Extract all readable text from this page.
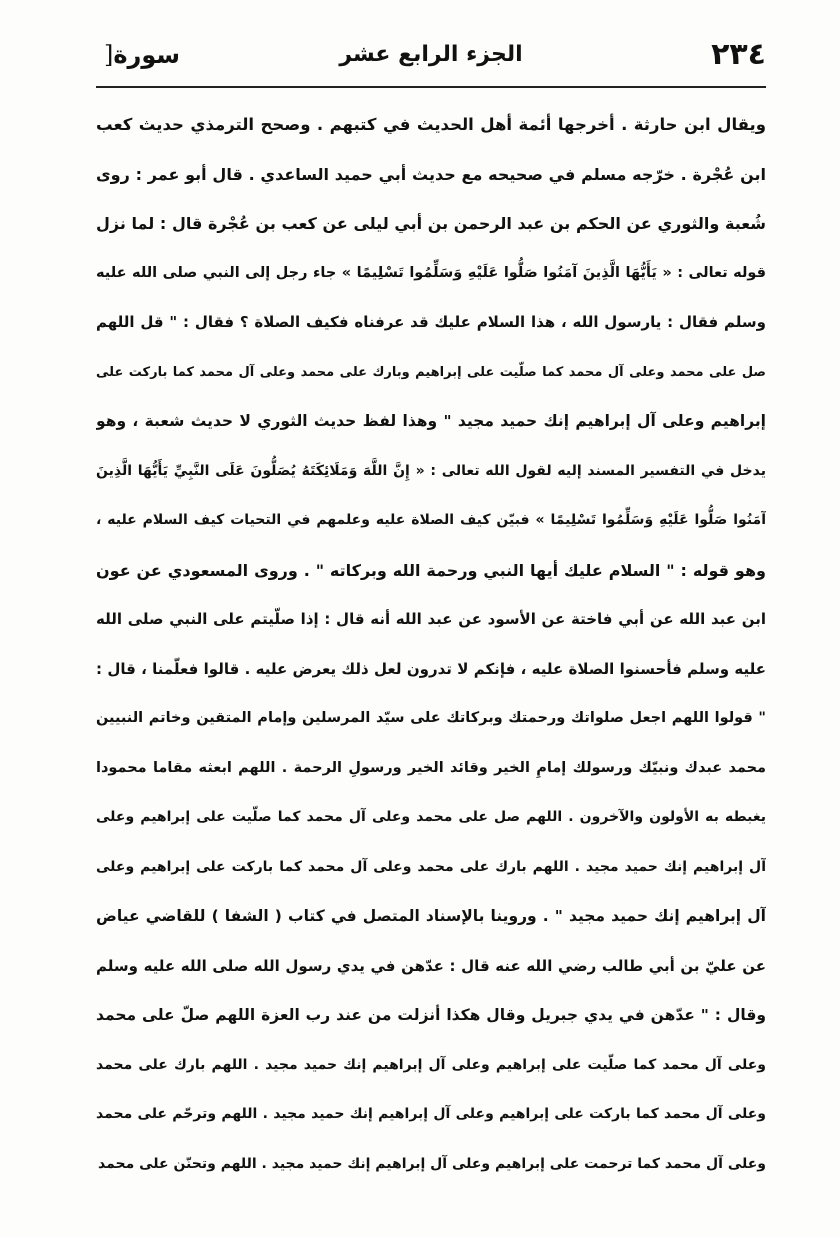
٢٣٤
الجزء الرابع عشر
سورة[
ويقال ابن حارثة . أخرجها أئمة أهل الحديث في كتبهم . وصحح الترمذي حديث كعب
ابن عُجْرة . خرّجه مسلم في صحيحه مع حديث أبي حميد الساعدي . قال أبو عمر : روى
شُعبة والثوري عن الحكم بن عبد الرحمن بن أبي ليلى عن كعب بن عُجْرة قال : لما نزل
قوله تعالى : « يَأَيُّهَا الَّذِينَ آمَنُوا صَلُّوا عَلَيْهِ وَسَلِّمُوا تَسْلِيمًا » جاء رجل إلى النبي صلى الله عليه
وسلم فقال : يارسول الله ، هذا السلام عليك قد عرفناه فكيف الصلاة ؟ فقال : " قل اللهم
صل على محمد وعلى آل محمد كما صلّيت على إبراهيم وبارك على محمد وعلى آل محمد كما باركت على
إبراهيم وعلى آل إبراهيم إنك حميد مجيد " وهذا لفظ حديث الثوري لا حديث شعبة ، وهو
يدخل في التفسير المسند إليه لقول الله تعالى : « إِنَّ اللَّهَ وَمَلَائِكَتَهُ يُصَلُّونَ عَلَى النَّبِيِّ يَأَيُّهَا الَّذِينَ
آمَنُوا صَلُّوا عَلَيْهِ وَسَلِّمُوا تَسْلِيمًا » فبيّن كيف الصلاة عليه وعلمهم في التحيات كيف السلام عليه ،
وهو قوله : " السلام عليك أيها النبي ورحمة الله وبركاته " . وروى المسعودي عن عون
ابن عبد الله عن أبي فاختة عن الأسود عن عبد الله أنه قال : إذا صلّيتم على النبي صلى الله
عليه وسلم فأحسنوا الصلاة عليه ، فإنكم لا تدرون لعل ذلك يعرض عليه . قالوا فعلّمنا ، قال :
" قولوا اللهم اجعل صلواتك ورحمتك وبركاتك على سيّد المرسلين وإمام المتقين وخاتم النبيين
محمد عبدك ونبيّك ورسولك إمامِ الخير وقائد الخير ورسولِ الرحمة . اللهم ابعثه مقاما محمودا
يغبطه به الأولون والآخرون . اللهم صل على محمد وعلى آل محمد كما صلّيت على إبراهيم وعلى
آل إبراهيم إنك حميد مجيد . اللهم بارك على محمد وعلى آل محمد كما باركت على إبراهيم وعلى
آل إبراهيم إنك حميد مجيد " . وروينا بالإسناد المتصل في كتاب ( الشفا ) للقاضي عياض
عن عليّ بن أبي طالب رضي الله عنه قال : عدّهن في يدي رسول الله صلى الله عليه وسلم
وقال : " عدّهن في يدي جبريل وقال هكذا أنزلت من عند رب العزة اللهم صلّ على محمد
وعلى آل محمد كما صلّيت على إبراهيم وعلى آل إبراهيم إنك حميد مجيد . اللهم بارك على محمد
وعلى آل محمد كما باركت على إبراهيم وعلى آل إبراهيم إنك حميد مجيد . اللهم وترحّم على محمد
وعلى آل محمد كما ترحمت على إبراهيم وعلى آل إبراهيم إنك حميد مجيد . اللهم وتحنّن على محمد
